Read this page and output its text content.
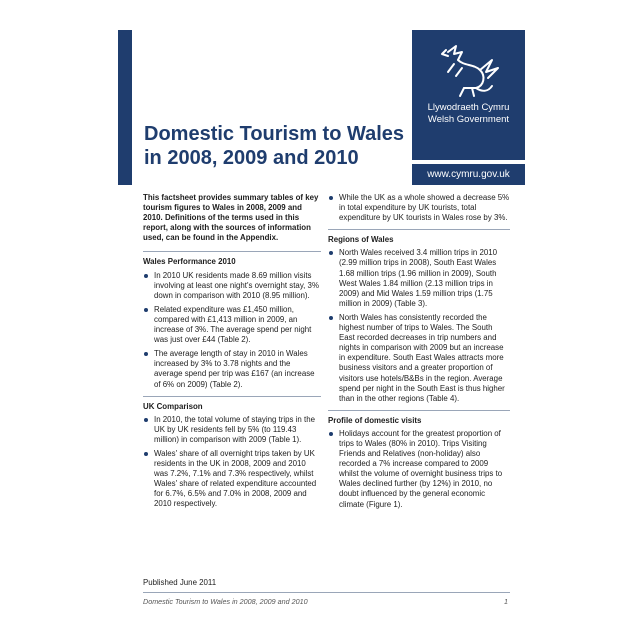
Domestic Tourism to Wales
in 2008, 2009 and 2010
Llywodraeth Cymru
Welsh Government
www.cymru.gov.uk

This factsheet provides summary tables of key tourism figures to Wales in 2008, 2009 and 2010. Definitions of the terms used in this report, along with the sources of information used, can be found in the Appendix.

Wales Performance 2010
In 2010 UK residents made 8.69 million visits involving at least one night's overnight stay, 3% down in comparison with 2010 (8.95 million).
Related expenditure was £1,450 million, compared with £1,413 million in 2009, an increase of 3%. The average spend per night was just over £44 (Table 2).
The average length of stay in 2010 in Wales increased by 3% to 3.78 nights and the average spend per trip was £167 (an increase of 6% on 2009) (Table 2).
UK Comparison
In 2010, the total volume of staying trips in the UK by UK residents fell by 5% (to 119.43 million) in comparison with 2009 (Table 1).
Wales' share of all overnight trips taken by UK residents in the UK in 2008, 2009 and 2010 was 7.2%, 7.1% and 7.3% respectively, whilst Wales' share of related expenditure accounted for 6.7%, 6.5% and 7.0% in 2008, 2009 and 2010 respectively.
While the UK as a whole showed a decrease 5% in total expenditure by UK tourists, total expenditure by UK tourists in Wales rose by 3%.
Regions of Wales
North Wales received 3.4 million trips in 2010 (2.99 million trips in 2008), South East Wales 1.68 million trips (1.96 million in 2009), South West Wales 1.84 million (2.13 million trips in 2009) and Mid Wales 1.59 million trips (1.75 million in 2009) (Table 3).
North Wales has consistently recorded the highest number of trips to Wales. The South East recorded decreases in trip numbers and nights in comparison with 2009 but an increase in expenditure. South East Wales attracts more business visitors and a greater proportion of visitors use hotels/B&Bs in the region. Average spend per night in the South East is thus higher than in the other regions (Table 4).
Profile of domestic visits
Holidays account for the greatest proportion of trips to Wales (80% in 2010). Trips Visiting Friends and Relatives (non-holiday) also recorded a 7% increase compared to 2009 whilst the volume of overnight business trips to Wales declined further (by 12%) in 2010, no doubt influenced by the general economic climate (Figure 1).
Published June 2011
Domestic Tourism to Wales in 2008, 2009 and 2010	1
